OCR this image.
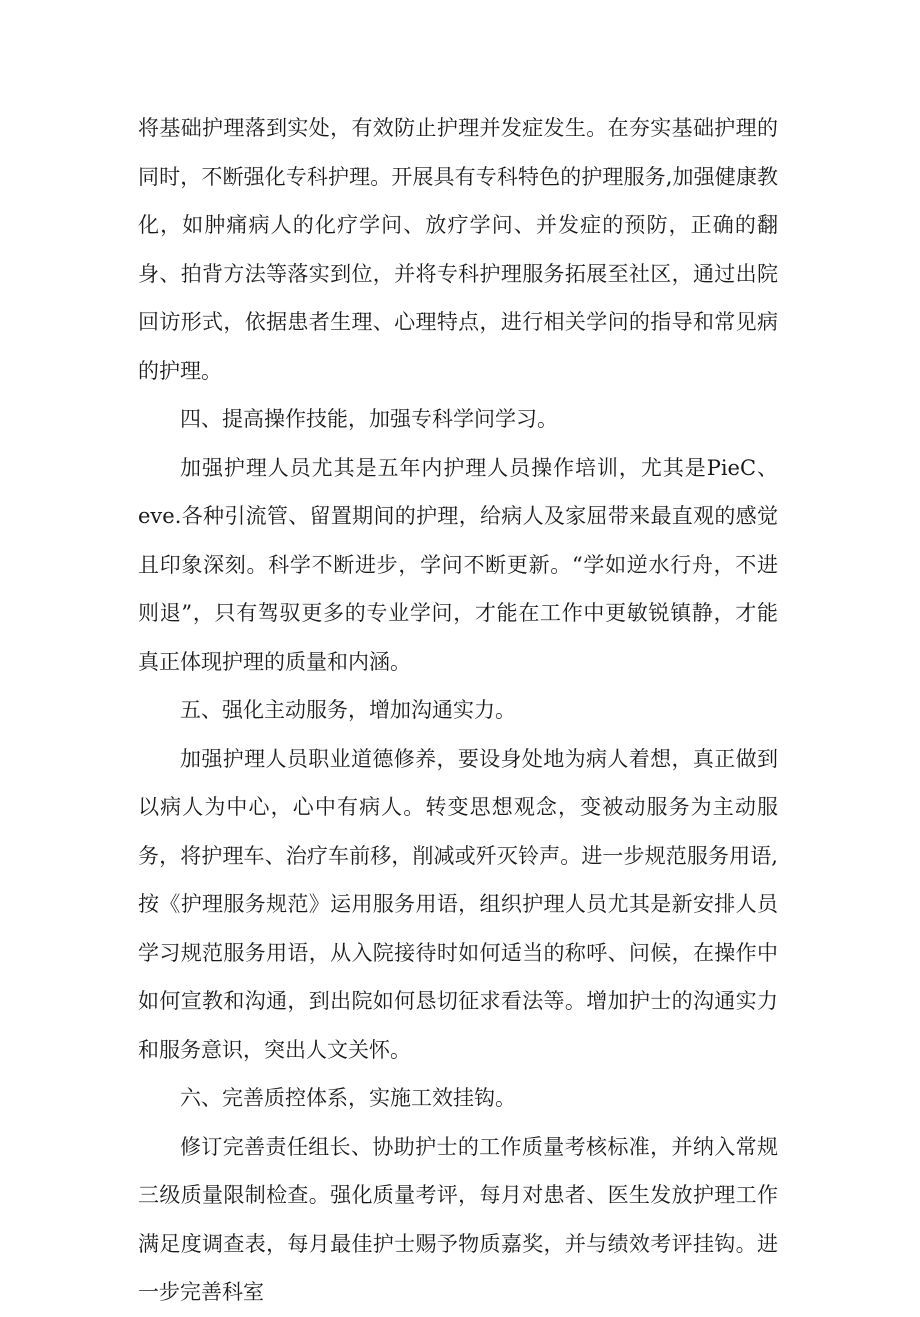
将基础护理落到实处，有效防止护理并发症发生。在夯实基础护理的同时，不断强化专科护理。开展具有专科特色的护理服务,加强健康教化，如肿痛病人的化疗学问、放疗学问、并发症的预防，正确的翻身、拍背方法等落实到位，并将专科护理服务拓展至社区，通过出院回访形式，依据患者生理、心理特点，进行相关学问的指导和常见病的护理。

四、提高操作技能，加强专科学问学习。

加强护理人员尤其是五年内护理人员操作培训，尤其是PieC、eve.各种引流管、留置期间的护理，给病人及家屈带来最直观的感觉且印象深刻。科学不断进步，学问不断更新。“学如逆水行舟，不进则退”，只有驾驭更多的专业学问，才能在工作中更敏锐镇静，才能真正体现护理的质量和内涵。

五、强化主动服务，增加沟通实力。

加强护理人员职业道德修养，要设身处地为病人着想，真正做到以病人为中心，心中有病人。转变思想观念，变被动服务为主动服务，将护理车、治疗车前移，削减或歼灭铃声。进一步规范服务用语,按《护理服务规范》运用服务用语，组织护理人员尤其是新安排人员学习规范服务用语，从入院接待时如何适当的称呼、问候，在操作中如何宣教和沟通，到出院如何恳切征求看法等。增加护士的沟通实力和服务意识，突出人文关怀。

六、完善质控体系，实施工效挂钩。

修订完善责任组长、协助护士的工作质量考核标准，并纳入常规三级质量限制检查。强化质量考评，每月对患者、医生发放护理工作满足度调查表，每月最佳护士赐予物质嘉奖，并与绩效考评挂钩。进一步完善科室
